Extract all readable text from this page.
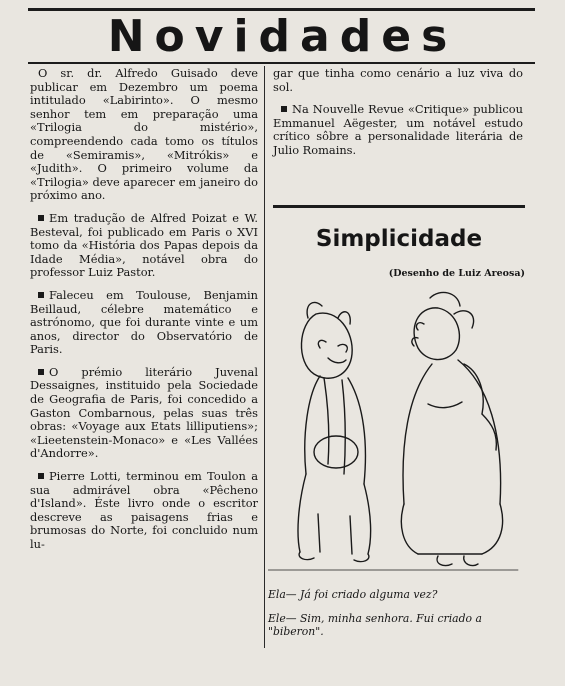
Novidades

O sr. dr. Alfredo Guisado deve publicar em Dezembro um poema intitulado «Labirinto». O mesmo senhor tem em preparação uma «Trilogia do mistério», compreendendo cada tomo os títulos de «Semiramis», «Mitrókis» e «Judith». O primeiro volume da «Trilogia» deve aparecer em janeiro do próximo ano.

Em tradução de Alfred Poizat e W. Besteval, foi publicado em Paris o XVI tomo da «História dos Papas depois da Idade Média», notável obra do professor Luiz Pastor.

Faleceu em Toulouse, Benjamin Beillaud, célebre matemático e astrónomo, que foi durante vinte e um anos, director do Observatório de Paris.

O prémio literário Juvenal Dessaignes, instituido pela Sociedade de Geografia de Paris, foi concedido a Gaston Combarnous, pelas suas três obras: «Voyage aux Etats lilliputiens»; «Lieetenstein-Monaco» e «Les Vallées d'Andorre».

Pierre Lotti, terminou em Toulon a sua admirável obra «Pêcheno d'Island». Éste livro onde o escritor descreve as paisagens frias e brumosas do Norte, foi concluido num lu-

gar que tinha como cenário a luz viva do sol.

Na Nouvelle Revue «Critique» publicou Emmanuel Aëgester, um notável estudo crítico sôbre a personalidade literária de Julio Romains.

Simplicidade
(Desenho de Luiz Areosa)
Ela— Já foi criado alguma vez?
Ele— Sim, minha senhora. Fui criado a "biberon".
